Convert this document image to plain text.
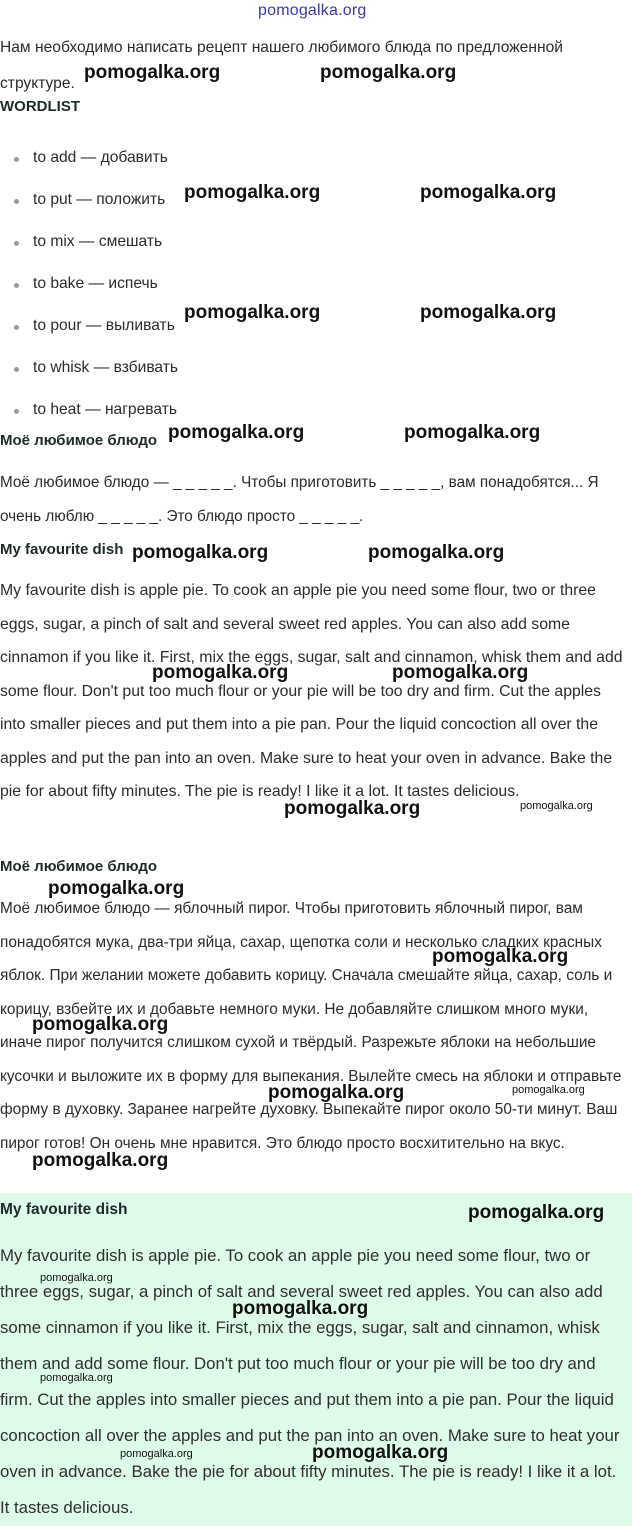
pomogalka.org

Нам необходимо написать рецепт нашего любимого блюда по предложенной структуре.

WORDLIST
to add — добавить
to put — положить
to mix — смешать
to bake — испечь
to pour — выливать
to whisk — взбивать
to heat — нагревать
Моё любимое блюдо

Моё любимое блюдо — _ _ _ _ _. Чтобы приготовить _ _ _ _ _, вам понадобятся... Я очень люблю _ _ _ _ _. Это блюдо просто _ _ _ _ _.

My favourite dish

My favourite dish is apple pie. To cook an apple pie you need some flour, two or three eggs, sugar, a pinch of salt and several sweet red apples. You can also add some cinnamon if you like it. First, mix the eggs, sugar, salt and cinnamon, whisk them and add some flour. Don't put too much flour or your pie will be too dry and firm. Cut the apples into smaller pieces and put them into a pie pan. Pour the liquid concoction all over the apples and put the pan into an oven. Make sure to heat your oven in advance. Bake the pie for about fifty minutes. The pie is ready! I like it a lot. It tastes delicious.

Моё любимое блюдо

Моё любимое блюдо — яблочный пирог. Чтобы приготовить яблочный пирог, вам понадобятся мука, два-три яйца, сахар, щепотка соли и несколько сладких красных яблок. При желании можете добавить корицу. Сначала смешайте яйца, сахар, соль и корицу, взбейте их и добавьте немного муки. Не добавляйте слишком много муки, иначе пирог получится слишком сухой и твёрдый. Разрежьте яблоки на небольшие кусочки и выложите их в форму для выпекания. Вылейте смесь на яблоки и отправьте форму в духовку. Заранее нагрейте духовку. Выпекайте пирог около 50-ти минут. Ваш пирог готов! Он очень мне нравится. Это блюдо просто восхитительно на вкус.

My favourite dish

My favourite dish is apple pie. To cook an apple pie you need some flour, two or three eggs, sugar, a pinch of salt and several sweet red apples. You can also add some cinnamon if you like it. First, mix the eggs, sugar, salt and cinnamon, whisk them and add some flour. Don't put too much flour or your pie will be too dry and firm. Cut the apples into smaller pieces and put them into a pie pan. Pour the liquid concoction all over the apples and put the pan into an oven. Make sure to heat your oven in advance. Bake the pie for about fifty minutes. The pie is ready! I like it a lot. It tastes delicious.

pomogalka.org	pomogalka.org
pomogalka.org	pomogalka.org
pomogalka.org	pomogalka.org
pomogalka.org	pomogalka.org
pomogalka.org	pomogalka.org
pomogalka.org	pomogalka.org
pomogalka.org	pomogalka.org
pomogalka.org
pomogalka.org
pomogalka.org
pomogalka.org	pomogalka.org
pomogalka.org
pomogalka.org
pomogalka.org
pomogalka.org
pomogalka.org
pomogalka.org	pomogalka.org
